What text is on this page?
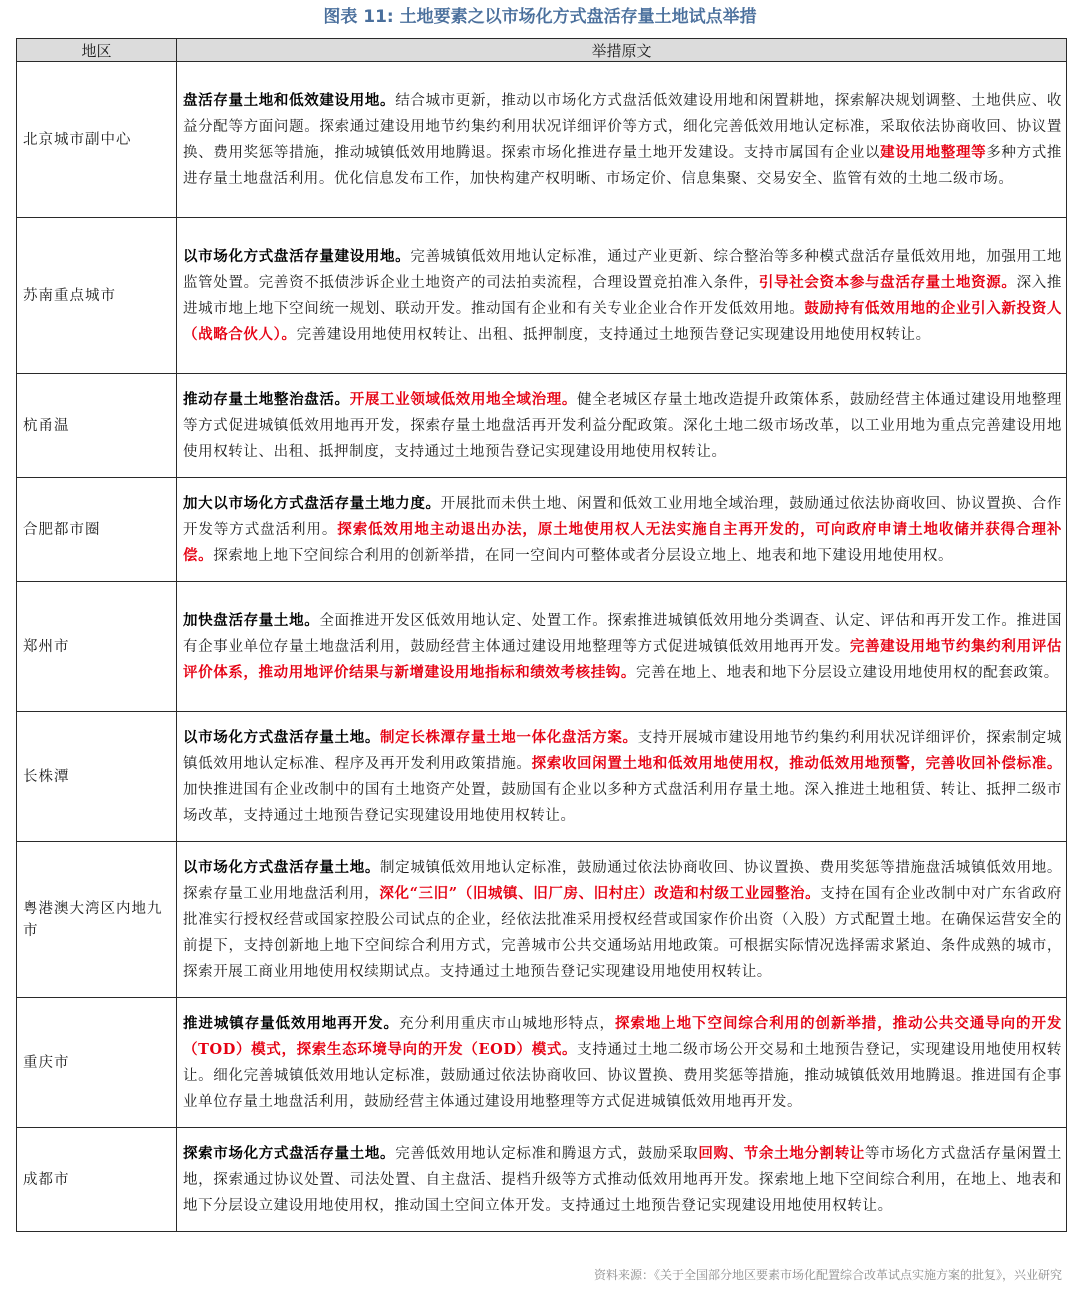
图表 11: 土地要素之以市场化方式盘活存量土地试点举措
地区	举措原文
北京城市副中心	盘活存量土地和低效建设用地。结合城市更新，推动以市场化方式盘活低效建设用地和闲置耕地，探索解决规划调整、土地供应、收益分配等方面问题。探索通过建设用地节约集约利用状况详细评价等方式，细化完善低效用地认定标准，采取依法协商收回、协议置换、费用奖惩等措施，推动城镇低效用地腾退。探索市场化推进存量土地开发建设。支持市属国有企业以建设用地整理等多种方式推进存量土地盘活利用。优化信息发布工作，加快构建产权明晰、市场定价、信息集聚、交易安全、监管有效的土地二级市场。
苏南重点城市	以市场化方式盘活存量建设用地。完善城镇低效用地认定标准，通过产业更新、综合整治等多种模式盘活存量低效用地，加强用工地监管处置。完善资不抵债涉诉企业土地资产的司法拍卖流程，合理设置竞拍准入条件，引导社会资本参与盘活存量土地资源。深入推进城市地上地下空间统一规划、联动开发。推动国有企业和有关专业企业合作开发低效用地。鼓励持有低效用地的企业引入新投资人（战略合伙人）。完善建设用地使用权转让、出租、抵押制度，支持通过土地预告登记实现建设用地使用权转让。
杭甬温	推动存量土地整治盘活。开展工业领域低效用地全域治理。健全老城区存量土地改造提升政策体系，鼓励经营主体通过建设用地整理等方式促进城镇低效用地再开发，探索存量土地盘活再开发利益分配政策。深化土地二级市场改革，以工业用地为重点完善建设用地使用权转让、出租、抵押制度，支持通过土地预告登记实现建设用地使用权转让。
合肥都市圈	加大以市场化方式盘活存量土地力度。开展批而未供土地、闲置和低效工业用地全域治理，鼓励通过依法协商收回、协议置换、合作开发等方式盘活利用。探索低效用地主动退出办法，原土地使用权人无法实施自主再开发的，可向政府申请土地收储并获得合理补偿。探索地上地下空间综合利用的创新举措，在同一空间内可整体或者分层设立地上、地表和地下建设用地使用权。
郑州市	加快盘活存量土地。全面推进开发区低效用地认定、处置工作。探索推进城镇低效用地分类调查、认定、评估和再开发工作。推进国有企事业单位存量土地盘活利用，鼓励经营主体通过建设用地整理等方式促进城镇低效用地再开发。完善建设用地节约集约利用评估评价体系，推动用地评价结果与新增建设用地指标和绩效考核挂钩。完善在地上、地表和地下分层设立建设用地使用权的配套政策。
长株潭	以市场化方式盘活存量土地。制定长株潭存量土地一体化盘活方案。支持开展城市建设用地节约集约利用状况详细评价，探索制定城镇低效用地认定标准、程序及再开发利用政策措施。探索收回闲置土地和低效用地使用权，推动低效用地预警，完善收回补偿标准。加快推进国有企业改制中的国有土地资产处置，鼓励国有企业以多种方式盘活利用存量土地。深入推进土地租赁、转让、抵押二级市场改革，支持通过土地预告登记实现建设用地使用权转让。
粤港澳大湾区内地九市	以市场化方式盘活存量土地。制定城镇低效用地认定标准，鼓励通过依法协商收回、协议置换、费用奖惩等措施盘活城镇低效用地。探索存量工业用地盘活利用，深化“三旧”（旧城镇、旧厂房、旧村庄）改造和村级工业园整治。支持在国有企业改制中对广东省政府批准实行授权经营或国家控股公司试点的企业，经依法批准采用授权经营或国家作价出资（入股）方式配置土地。在确保运营安全的前提下，支持创新地上地下空间综合利用方式，完善城市公共交通场站用地政策。可根据实际情况选择需求紧迫、条件成熟的城市，探索开展工商业用地使用权续期试点。支持通过土地预告登记实现建设用地使用权转让。
重庆市	推进城镇存量低效用地再开发。充分利用重庆市山城地形特点，探索地上地下空间综合利用的创新举措，推动公共交通导向的开发（TOD）模式，探索生态环境导向的开发（EOD）模式。支持通过土地二级市场公开交易和土地预告登记，实现建设用地使用权转让。细化完善城镇低效用地认定标准，鼓励通过依法协商收回、协议置换、费用奖惩等措施，推动城镇低效用地腾退。推进国有企事业单位存量土地盘活利用，鼓励经营主体通过建设用地整理等方式促进城镇低效用地再开发。
成都市	探索市场化方式盘活存量土地。完善低效用地认定标准和腾退方式，鼓励采取回购、节余土地分割转让等市场化方式盘活存量闲置土地，探索通过协议处置、司法处置、自主盘活、提档升级等方式推动低效用地再开发。探索地上地下空间综合利用，在地上、地表和地下分层设立建设用地使用权，推动国土空间立体开发。支持通过土地预告登记实现建设用地使用权转让。
资料来源：《关于全国部分地区要素市场化配置综合改革试点实施方案的批复》，兴业研究
